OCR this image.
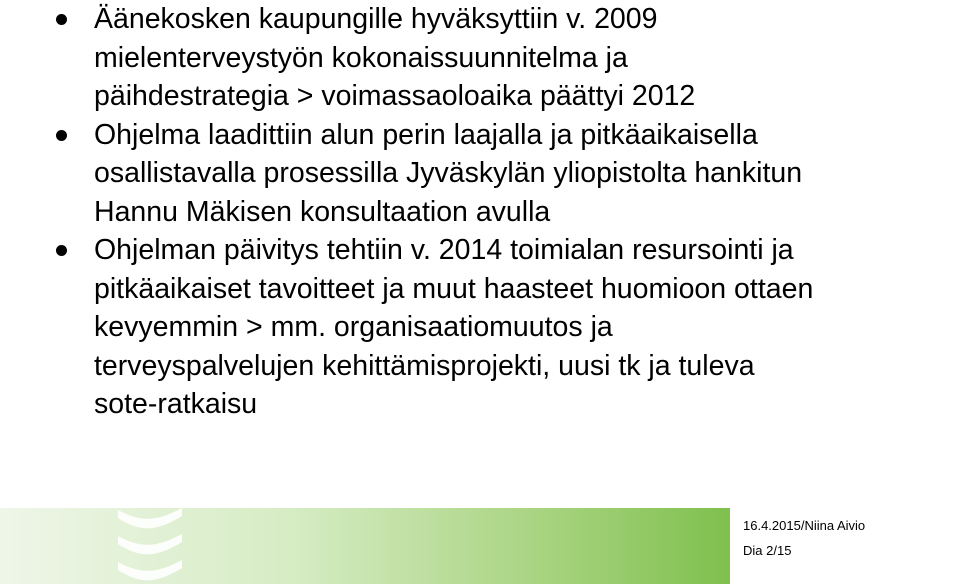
Äänekosken kaupungille hyväksyttiin v. 2009
mielenterveystyön kokonaissuunnitelma ja
päihdestrategia > voimassaoloaika päättyi 2012
Ohjelma laadittiin alun perin laajalla ja pitkäaikaisella
osallistavalla prosessilla Jyväskylän yliopistolta hankitun
Hannu Mäkisen konsultaation avulla
Ohjelman päivitys tehtiin v. 2014 toimialan resursointi ja
pitkäaikaiset tavoitteet ja muut haasteet huomioon ottaen
kevyemmin > mm. organisaatiomuutos ja
terveyspalvelujen kehittämisprojekti, uusi tk ja tuleva
sote-ratkaisu
16.4.2015/Niina Aivio
Dia 2/15
